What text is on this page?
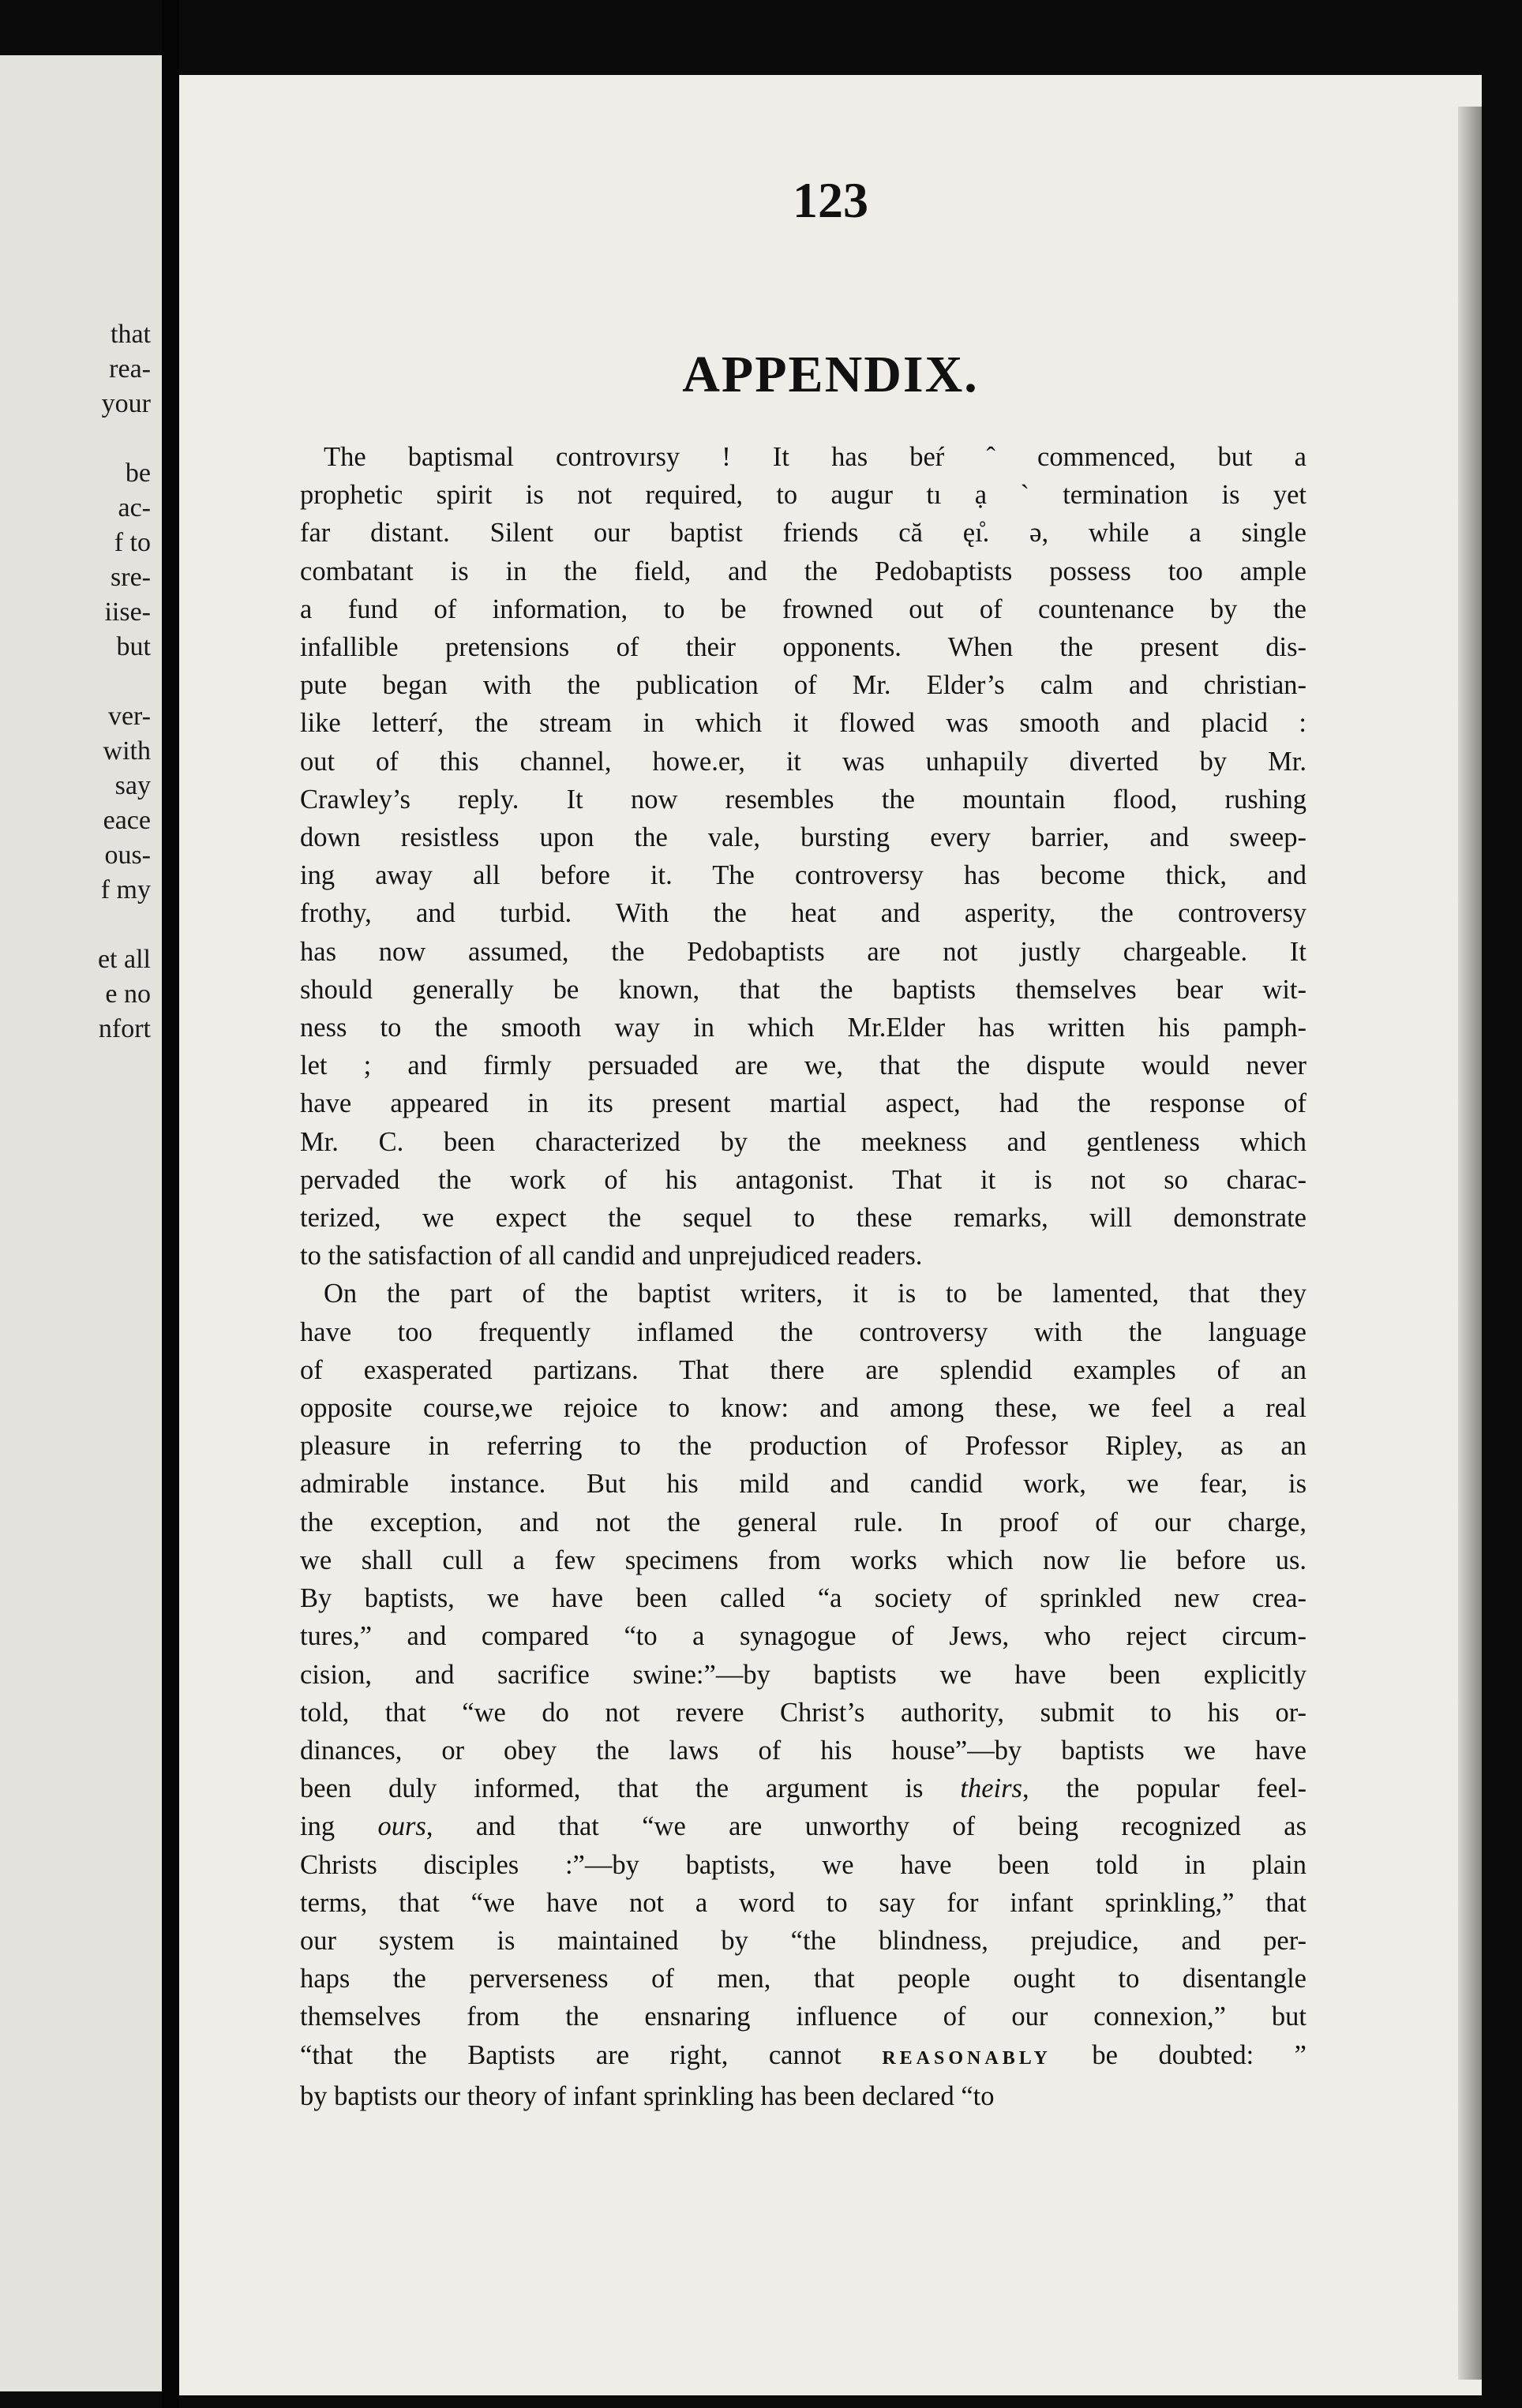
that
rea-
your
be
ac-
f to
sre-
iise-
but
ver-
with
say
eace
ous-
f my
et all
e no
nfort
123
APPENDIX.
The baptismal controvırsy ! It has beŕ ˆ commenced, but a
prophetic spirit is not required, to augur tı ạ ` termination is yet
far distant. Silent our baptist friends că ęı̊. ə, while a single
combatant is in the field, and the Pedobaptists possess too ample
a fund of information, to be frowned out of countenance by the
infallible pretensions of their opponents. When the present dis-
pute began with the publication of Mr. Elder’s calm and christian-
like letterŕ, the stream in which it flowed was smooth and placid :
out of this channel, howe.er, it was unhapɩily diverted by Mr.
Crawley’s reply. It now resembles the mountain flood, rushing
down resistless upon the vale, bursting every barrier, and sweep-
ing away all before it. The controversy has become thick, and
frothy, and turbid. With the heat and asperity, the controversy
has now assumed, the Pedobaptists are not justly chargeable. It
should generally be known, that the baptists themselves bear wit-
ness to the smooth way in which Mr.Elder has written his pamph-
let ; and firmly persuaded are we, that the dispute would never
have appeared in its present martial aspect, had the response of
Mr. C. been characterized by the meekness and gentleness which
pervaded the work of his antagonist. That it is not so charac-
terized, we expect the sequel to these remarks, will demonstrate
to the satisfaction of all candid and unprejudiced readers.
On the part of the baptist writers, it is to be lamented, that they
have too frequently inflamed the controversy with the language
of exasperated partizans. That there are splendid examples of an
opposite course,we rejoice to know: and among these, we feel a real
pleasure in referring to the production of Professor Ripley, as an
admirable instance. But his mild and candid work, we fear, is
the exception, and not the general rule. In proof of our charge,
we shall cull a few specimens from works which now lie before us.
By baptists, we have been called “a society of sprinkled new crea-
tures,” and compared “to a synagogue of Jews, who reject circum-
cision, and sacrifice swine:”—by baptists we have been explicitly
told, that “we do not revere Christ’s authority, submit to his or-
dinances, or obey the laws of his house”—by baptists we have
been duly informed, that the argument is theirs, the popular feel-
ing ours, and that “we are unworthy of being recognized as
Christs disciples :”—by baptists, we have been told in plain
terms, that “we have not a word to say for infant sprinkling,” that
our system is maintained by “the blindness, prejudice, and per-
haps the perverseness of men, that people ought to disentangle
themselves from the ensnaring influence of our connexion,” but
“that the Baptists are right, cannot REASONABLY be doubted: ”
by baptists our theory of infant sprinkling has been declared “to
